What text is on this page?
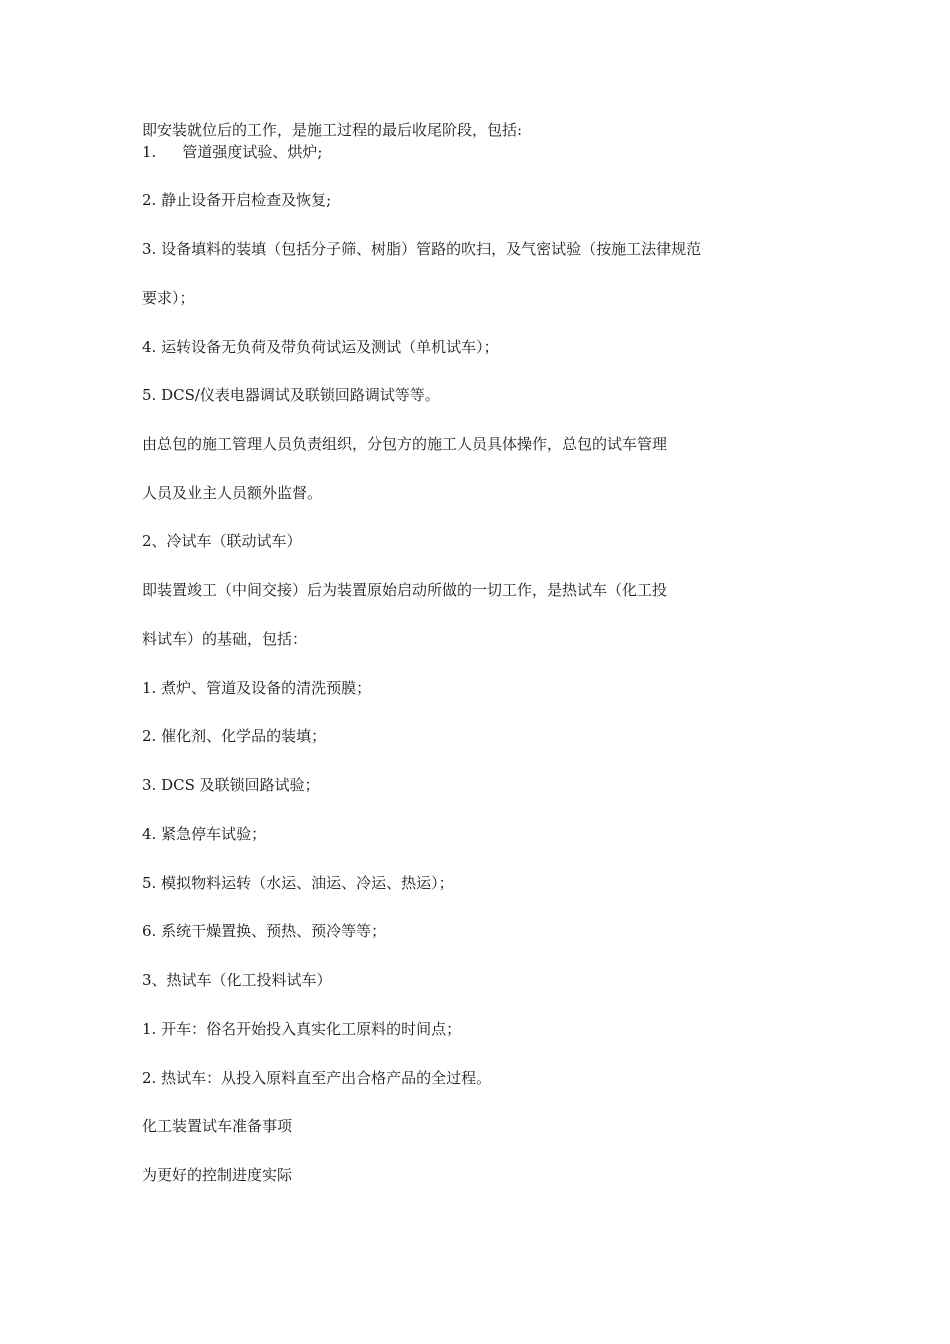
即安装就位后的工作，是施工过程的最后收尾阶段，包括:
1. 管道强度试验、烘炉;
2. 静止设备开启检查及恢复;
3. 设备填料的装填（包括分子筛、树脂）管路的吹扫，及气密试验（按施工法律规范
要求）；
4. 运转设备无负荷及带负荷试运及测试（单机试车）；
5. DCS/仪表电器调试及联锁回路调试等等。
由总包的施工管理人员负责组织，分包方的施工人员具体操作，总包的试车管理
人员及业主人员额外监督。
2、冷试车（联动试车）
即装置竣工（中间交接）后为装置原始启动所做的一切工作，是热试车（化工投
料试车）的基础，包括：
1. 煮炉、管道及设备的清洗预膜；
2. 催化剂、化学品的装填；
3. DCS 及联锁回路试验；
4. 紧急停车试验；
5. 模拟物料运转（水运、油运、冷运、热运）；
6. 系统干燥置换、预热、预冷等等；
3、热试车（化工投料试车）
1. 开车：俗名开始投入真实化工原料的时间点；
2. 热试车：从投入原料直至产出合格产品的全过程。
化工装置试车准备事项
为更好的控制进度实际
